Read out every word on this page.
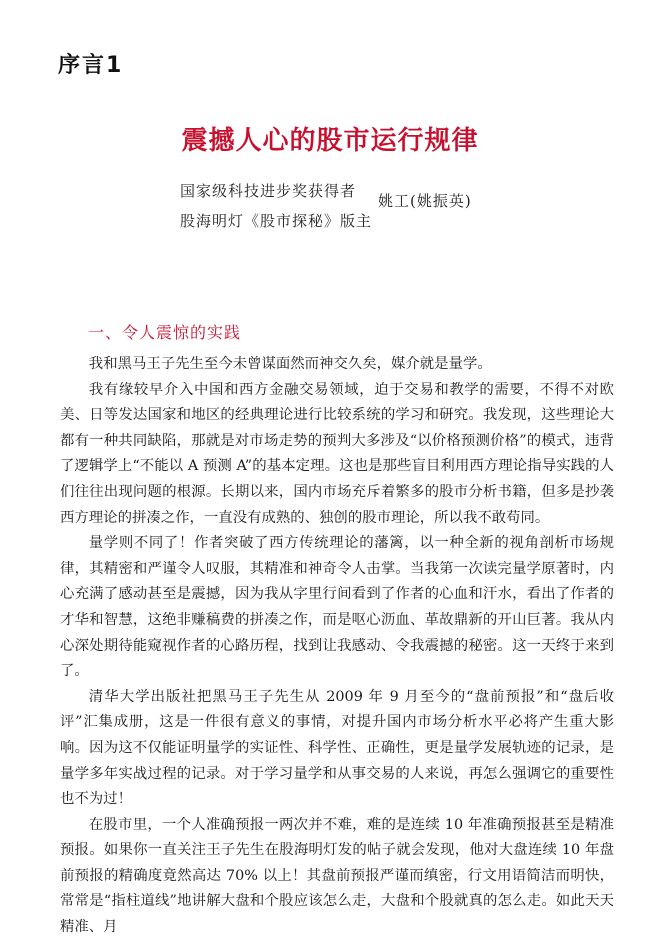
序言1
震撼人心的股市运行规律
国家级科技进步奖获得者
股海明灯《股市探秘》版主
姚工(姚振英)
一、令人震惊的实践

我和黑马王子先生至今未曾谋面然而神交久矣，媒介就是量学。

我有缘较早介入中国和西方金融交易领域，迫于交易和教学的需要，不得不对欧美、日等发达国家和地区的经典理论进行比较系统的学习和研究。我发现，这些理论大都有一种共同缺陷，那就是对市场走势的预判大多涉及“以价格预测价格”的模式，违背了逻辑学上“不能以 A 预测 A”的基本定理。这也是那些盲目利用西方理论指导实践的人们往往出现问题的根源。长期以来，国内市场充斥着繁多的股市分析书籍，但多是抄袭西方理论的拼凑之作，一直没有成熟的、独创的股市理论，所以我不敢苟同。

量学则不同了！作者突破了西方传统理论的藩篱，以一种全新的视角剖析市场规律，其精密和严谨令人叹服，其精准和神奇令人击掌。当我第一次读完量学原著时，内心充满了感动甚至是震撼，因为我从字里行间看到了作者的心血和汗水，看出了作者的才华和智慧，这绝非赚稿费的拼凑之作，而是呕心沥血、革故鼎新的开山巨著。我从内心深处期待能窥视作者的心路历程，找到让我感动、令我震撼的秘密。这一天终于来到了。

清华大学出版社把黑马王子先生从 2009 年 9 月至今的“盘前预报”和“盘后收评”汇集成册，这是一件很有意义的事情，对提升国内市场分析水平必将产生重大影响。因为这不仅能证明量学的实证性、科学性、正确性，更是量学发展轨迹的记录，是量学多年实战过程的记录。对于学习量学和从事交易的人来说，再怎么强调它的重要性也不为过！

在股市里，一个人准确预报一两次并不难，难的是连续 10 年准确预报甚至是精准预报。如果你一直关注王子先生在股海明灯发的帖子就会发现，他对大盘连续 10 年盘前预报的精确度竟然高达 70% 以上！其盘前预报严谨而缜密，行文用语简洁而明快，常常是“指柱道线”地讲解大盘和个股应该怎么走，大盘和个股就真的怎么走。如此天天精准、月
